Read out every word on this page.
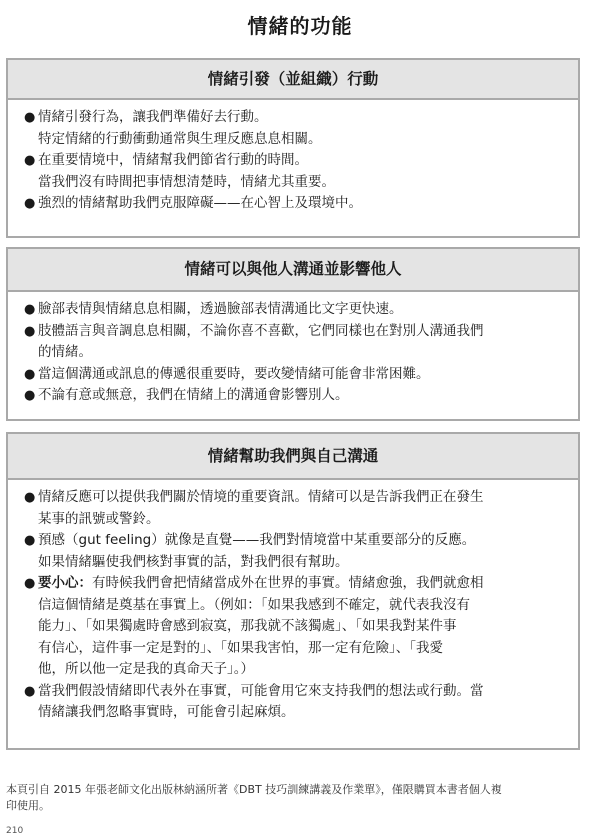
情緒的功能
情緒引發（並組織）行動
● 情緒引發行為，讓我們準備好去行動。
特定情緒的行動衝動通常與生理反應息息相關。
● 在重要情境中，情緒幫我們節省行動的時間。
當我們沒有時間把事情想清楚時，情緒尤其重要。
● 強烈的情緒幫助我們克服障礙——在心智上及環境中。
情緒可以與他人溝通並影響他人
● 臉部表情與情緒息息相關，透過臉部表情溝通比文字更快速。
● 肢體語言與音調息息相關，不論你喜不喜歡，它們同樣也在對別人溝通我們
的情緒。
● 當這個溝通或訊息的傳遞很重要時，要改變情緒可能會非常困難。
● 不論有意或無意，我們在情緒上的溝通會影響別人。
情緒幫助我們與自己溝通
● 情緒反應可以提供我們關於情境的重要資訊。情緒可以是告訴我們正在發生
某事的訊號或警鈴。
● 預感（gut feeling）就像是直覺——我們對情境當中某重要部分的反應。
如果情緒驅使我們核對事實的話，對我們很有幫助。
● 要小心：有時候我們會把情緒當成外在世界的事實。情緒愈強，我們就愈相
信這個情緒是奠基在事實上。（例如：「如果我感到不確定，就代表我沒有
能力」、「如果獨處時會感到寂寞，那我就不該獨處」、「如果我對某件事
有信心，這件事一定是對的」、「如果我害怕，那一定有危險」、「我愛
他，所以他一定是我的真命天子」。）
● 當我們假設情緒即代表外在事實，可能會用它來支持我們的想法或行動。當
情緒讓我們忽略事實時，可能會引起麻煩。
本頁引自 2015 年張老師文化出版林納涵所著《DBT 技巧訓練講義及作業單》，僅限購買本書者個人複
印使用。
210
